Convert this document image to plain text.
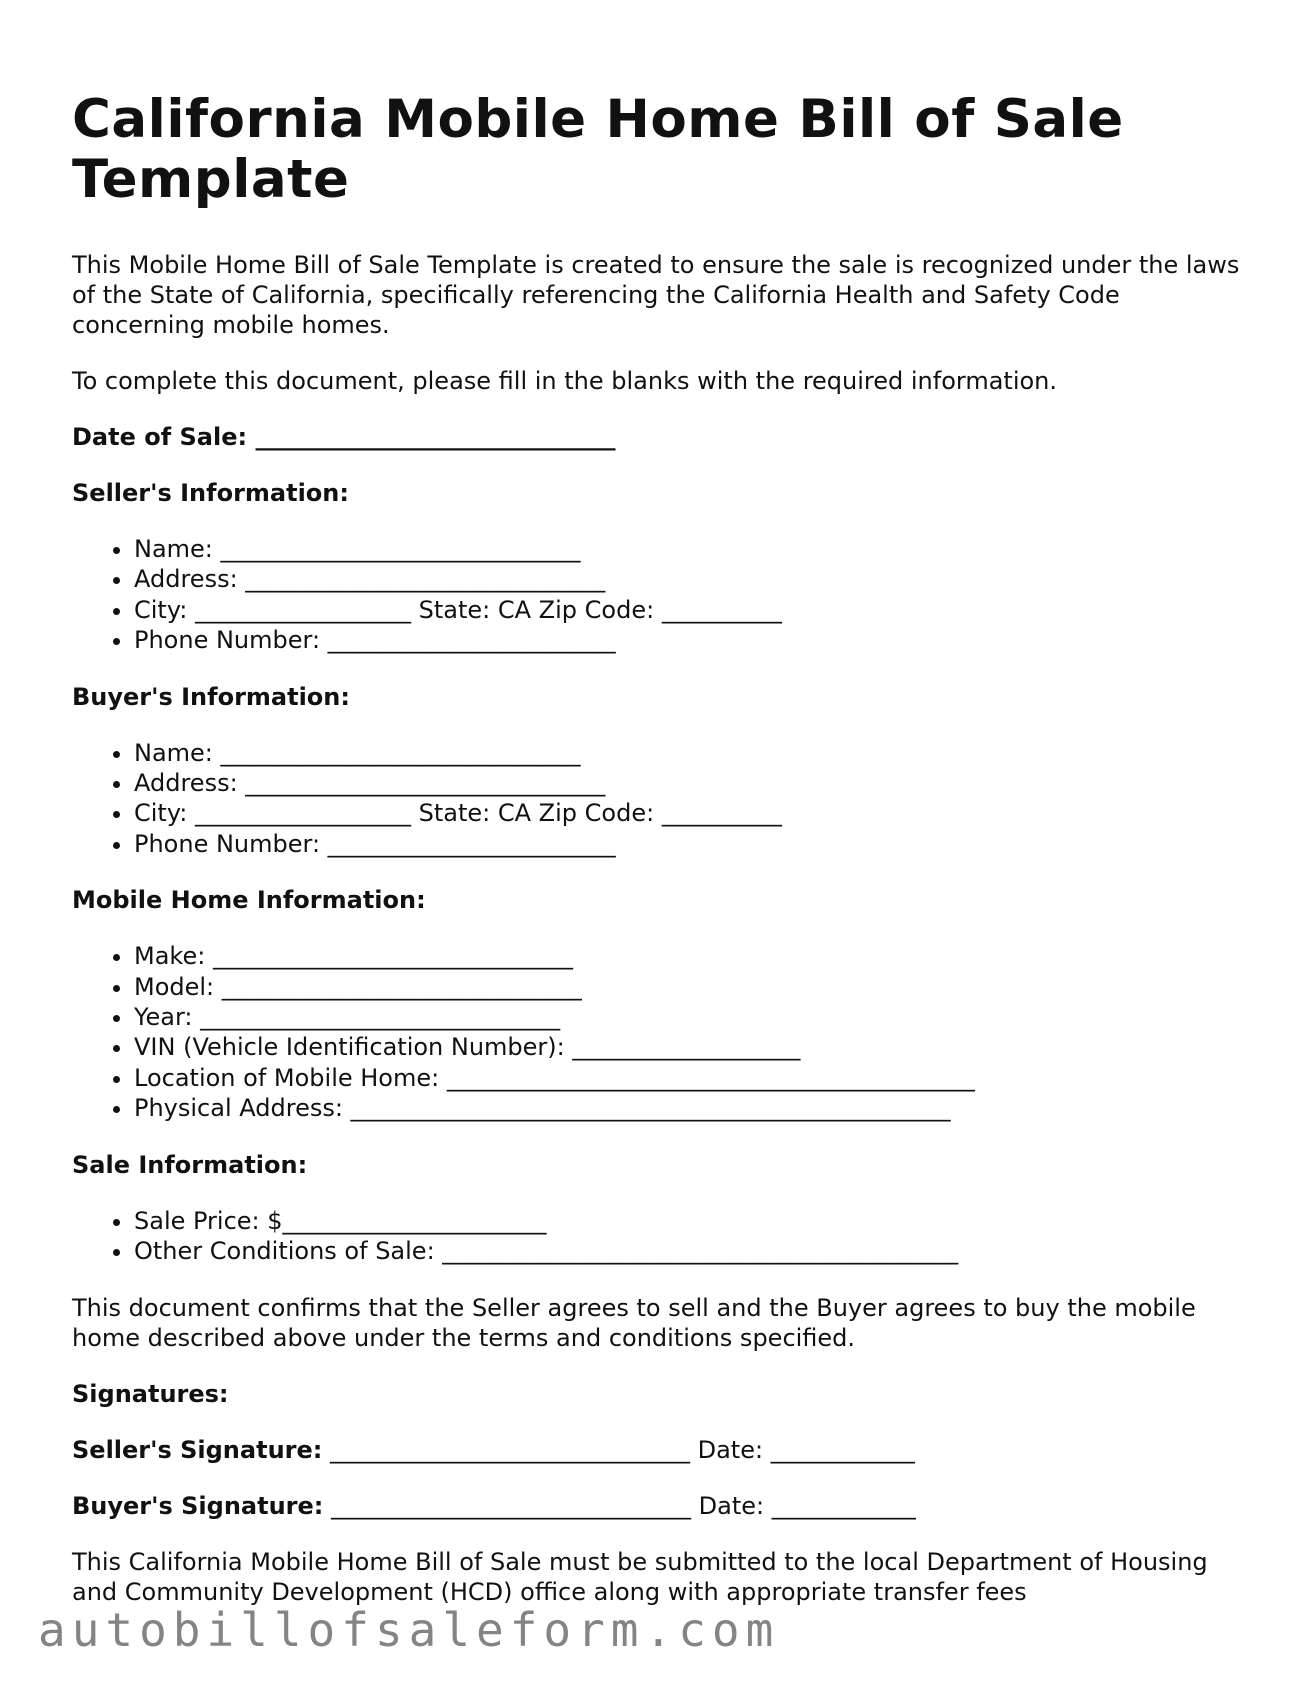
California Mobile Home Bill of Sale Template

This Mobile Home Bill of Sale Template is created to ensure the sale is recognized under the laws of the State of California, specifically referencing the California Health and Safety Code concerning mobile homes.

To complete this document, please fill in the blanks with the required information.

Date of Sale: ______________________________

Seller's Information:

• Name: ______________________________
• Address: ______________________________
• City: __________________ State: CA Zip Code: __________
• Phone Number: ________________________

Buyer's Information:

• Name: ______________________________
• Address: ______________________________
• City: __________________ State: CA Zip Code: __________
• Phone Number: ________________________

Mobile Home Information:

• Make: ______________________________
• Model: ______________________________
• Year: ______________________________
• VIN (Vehicle Identification Number): ___________________
• Location of Mobile Home: ____________________________________________
• Physical Address: __________________________________________________

Sale Information:

• Sale Price: $______________________
• Other Conditions of Sale: ___________________________________________

This document confirms that the Seller agrees to sell and the Buyer agrees to buy the mobile home described above under the terms and conditions specified.

Signatures:

Seller's Signature: ______________________________ Date: ____________

Buyer's Signature: ______________________________ Date: ____________

This California Mobile Home Bill of Sale must be submitted to the local Department of Housing and Community Development (HCD) office along with appropriate transfer fees

autobillofsaleform.com
